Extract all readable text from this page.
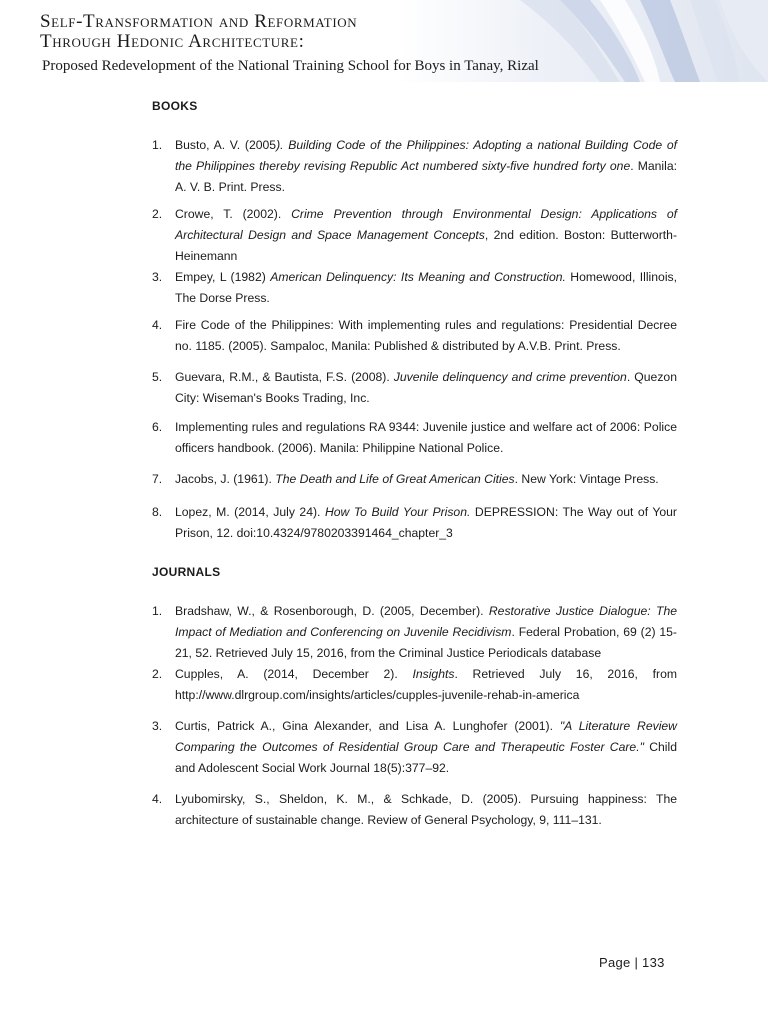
Self-Transformation and Reformation
Through Hedonic Architecture:
Proposed Redevelopment of the National Training School for Boys in Tanay, Rizal
BOOKS
1. Busto, A. V. (2005). Building Code of the Philippines: Adopting a national Building Code of the Philippines thereby revising Republic Act numbered sixty-five hundred forty one. Manila: A. V. B. Print. Press.
2. Crowe, T. (2002). Crime Prevention through Environmental Design: Applications of Architectural Design and Space Management Concepts, 2nd edition. Boston: Butterworth-Heinemann
3. Empey, L (1982) American Delinquency: Its Meaning and Construction. Homewood, Illinois, The Dorse Press.
4. Fire Code of the Philippines: With implementing rules and regulations: Presidential Decree no. 1185. (2005). Sampaloc, Manila: Published & distributed by A.V.B. Print. Press.
5. Guevara, R.M., & Bautista, F.S. (2008). Juvenile delinquency and crime prevention. Quezon City: Wiseman's Books Trading, Inc.
6. Implementing rules and regulations RA 9344: Juvenile justice and welfare act of 2006: Police officers handbook. (2006). Manila: Philippine National Police.
7. Jacobs, J. (1961). The Death and Life of Great American Cities. New York: Vintage Press.
8. Lopez, M. (2014, July 24). How To Build Your Prison. DEPRESSION: The Way out of Your Prison, 12. doi:10.4324/9780203391464_chapter_3
JOURNALS
1. Bradshaw, W., & Rosenborough, D. (2005, December). Restorative Justice Dialogue: The Impact of Mediation and Conferencing on Juvenile Recidivism. Federal Probation, 69 (2) 15-21, 52. Retrieved July 15, 2016, from the Criminal Justice Periodicals database
2. Cupples, A. (2014, December 2). Insights. Retrieved July 16, 2016, from http://www.dlrgroup.com/insights/articles/cupples-juvenile-rehab-in-america
3. Curtis, Patrick A., Gina Alexander, and Lisa A. Lunghofer (2001). "A Literature Review Comparing the Outcomes of Residential Group Care and Therapeutic Foster Care." Child and Adolescent Social Work Journal 18(5):377–92.
4. Lyubomirsky, S., Sheldon, K. M., & Schkade, D. (2005). Pursuing happiness: The architecture of sustainable change. Review of General Psychology, 9, 111–131.
Page | 133
